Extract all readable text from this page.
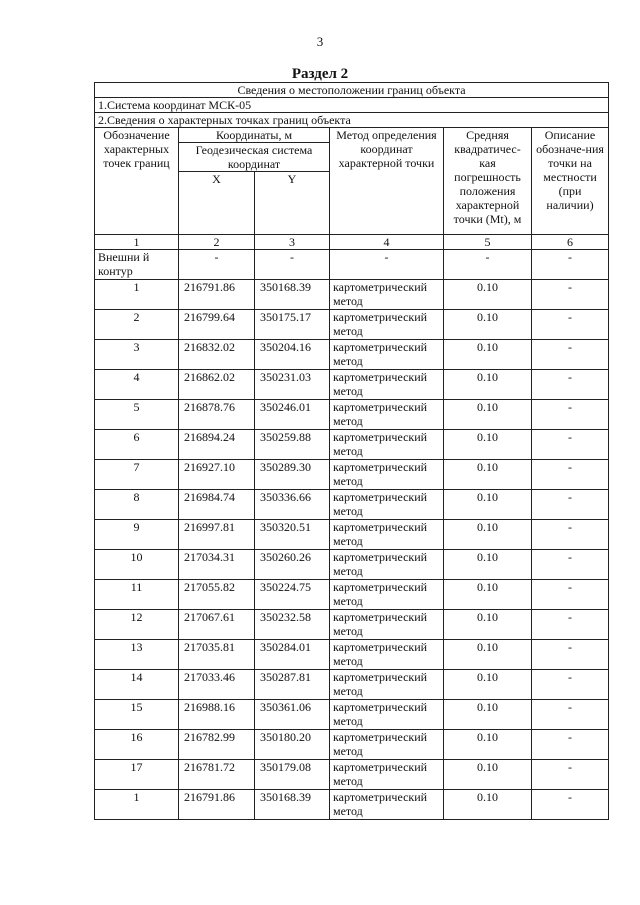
3
Раздел 2
Сведения о местоположении границ объекта					
1.Система координат МСК-05					
2.Сведения о характерных точках границ объекта					
Обозначение характерных точек границ	Координаты, м		Метод определения координат характерной точки	Средняя квадратичес-кая погрешность положения характерной точки (Mt), м	Описание обозначе-ния точки на местности (при наличии)
	Геодезическая система координат				
	X	Y			
1	2	3	4	5	6
Внешни й контур	-	-	-	-	-
1	216791.86	350168.39	картометрический метод	0.10	-
2	216799.64	350175.17	картометрический метод	0.10	-
3	216832.02	350204.16	картометрический метод	0.10	-
4	216862.02	350231.03	картометрический метод	0.10	-
5	216878.76	350246.01	картометрический метод	0.10	-
6	216894.24	350259.88	картометрический метод	0.10	-
7	216927.10	350289.30	картометрический метод	0.10	-
8	216984.74	350336.66	картометрический метод	0.10	-
9	216997.81	350320.51	картометрический метод	0.10	-
10	217034.31	350260.26	картометрический метод	0.10	-
11	217055.82	350224.75	картометрический метод	0.10	-
12	217067.61	350232.58	картометрический метод	0.10	-
13	217035.81	350284.01	картометрический метод	0.10	-
14	217033.46	350287.81	картометрический метод	0.10	-
15	216988.16	350361.06	картометрический метод	0.10	-
16	216782.99	350180.20	картометрический метод	0.10	-
17	216781.72	350179.08	картометрический метод	0.10	-
1	216791.86	350168.39	картометрический метод	0.10	-
